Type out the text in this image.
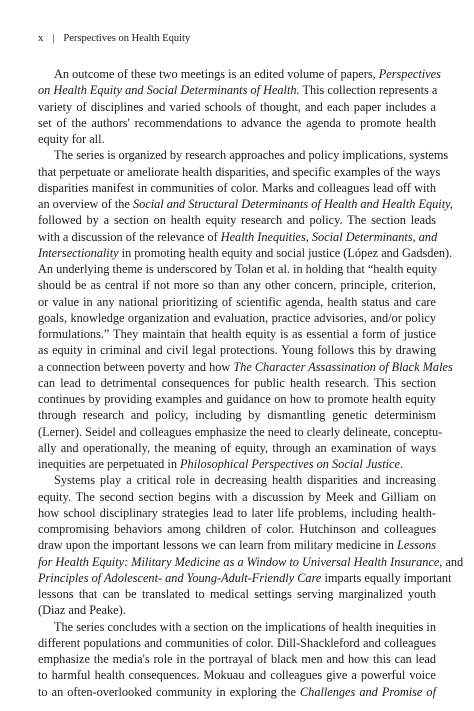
x | Perspectives on Health Equity

An outcome of these two meetings is an edited volume of papers, Perspectives
on Health Equity and Social Determinants of Health. This collection represents a
variety of disciplines and varied schools of thought, and each paper includes a
set of the authors' recommendations to advance the agenda to promote health
equity for all.

The series is organized by research approaches and policy implications, systems
that perpetuate or ameliorate health disparities, and specific examples of the ways
disparities manifest in communities of color. Marks and colleagues lead off with
an overview of the Social and Structural Determinants of Health and Health Equity,
followed by a section on health equity research and policy. The section leads
with a discussion of the relevance of Health Inequities, Social Determinants, and
Intersectionality in promoting health equity and social justice (López and Gadsden).
An underlying theme is underscored by Tolan et al. in holding that “health equity
should be as central if not more so than any other concern, principle, criterion,
or value in any national prioritizing of scientific agenda, health status and care
goals, knowledge organization and evaluation, practice advisories, and/or policy
formulations.” They maintain that health equity is as essential a form of justice
as equity in criminal and civil legal protections. Young follows this by drawing
a connection between poverty and how The Character Assassination of Black Males
can lead to detrimental consequences for public health research. This section
continues by providing examples and guidance on how to promote health equity
through research and policy, including by dismantling genetic determinism
(Lerner). Seidel and colleagues emphasize the need to clearly delineate, conceptu-
ally and operationally, the meaning of equity, through an examination of ways
inequities are perpetuated in Philosophical Perspectives on Social Justice.

Systems play a critical role in decreasing health disparities and increasing
equity. The second section begins with a discussion by Meek and Gilliam on
how school disciplinary strategies lead to later life problems, including health-
compromising behaviors among children of color. Hutchinson and colleagues
draw upon the important lessons we can learn from military medicine in Lessons
for Health Equity: Military Medicine as a Window to Universal Health Insurance, and
Principles of Adolescent- and Young-Adult-Friendly Care imparts equally important
lessons that can be translated to medical settings serving marginalized youth
(Diaz and Peake).

The series concludes with a section on the implications of health inequities in
different populations and communities of color. Dill-Shackleford and colleagues
emphasize the media's role in the portrayal of black men and how this can lead
to harmful health consequences. Mokuau and colleagues give a powerful voice
to an often-overlooked community in exploring the Challenges and Promise of
